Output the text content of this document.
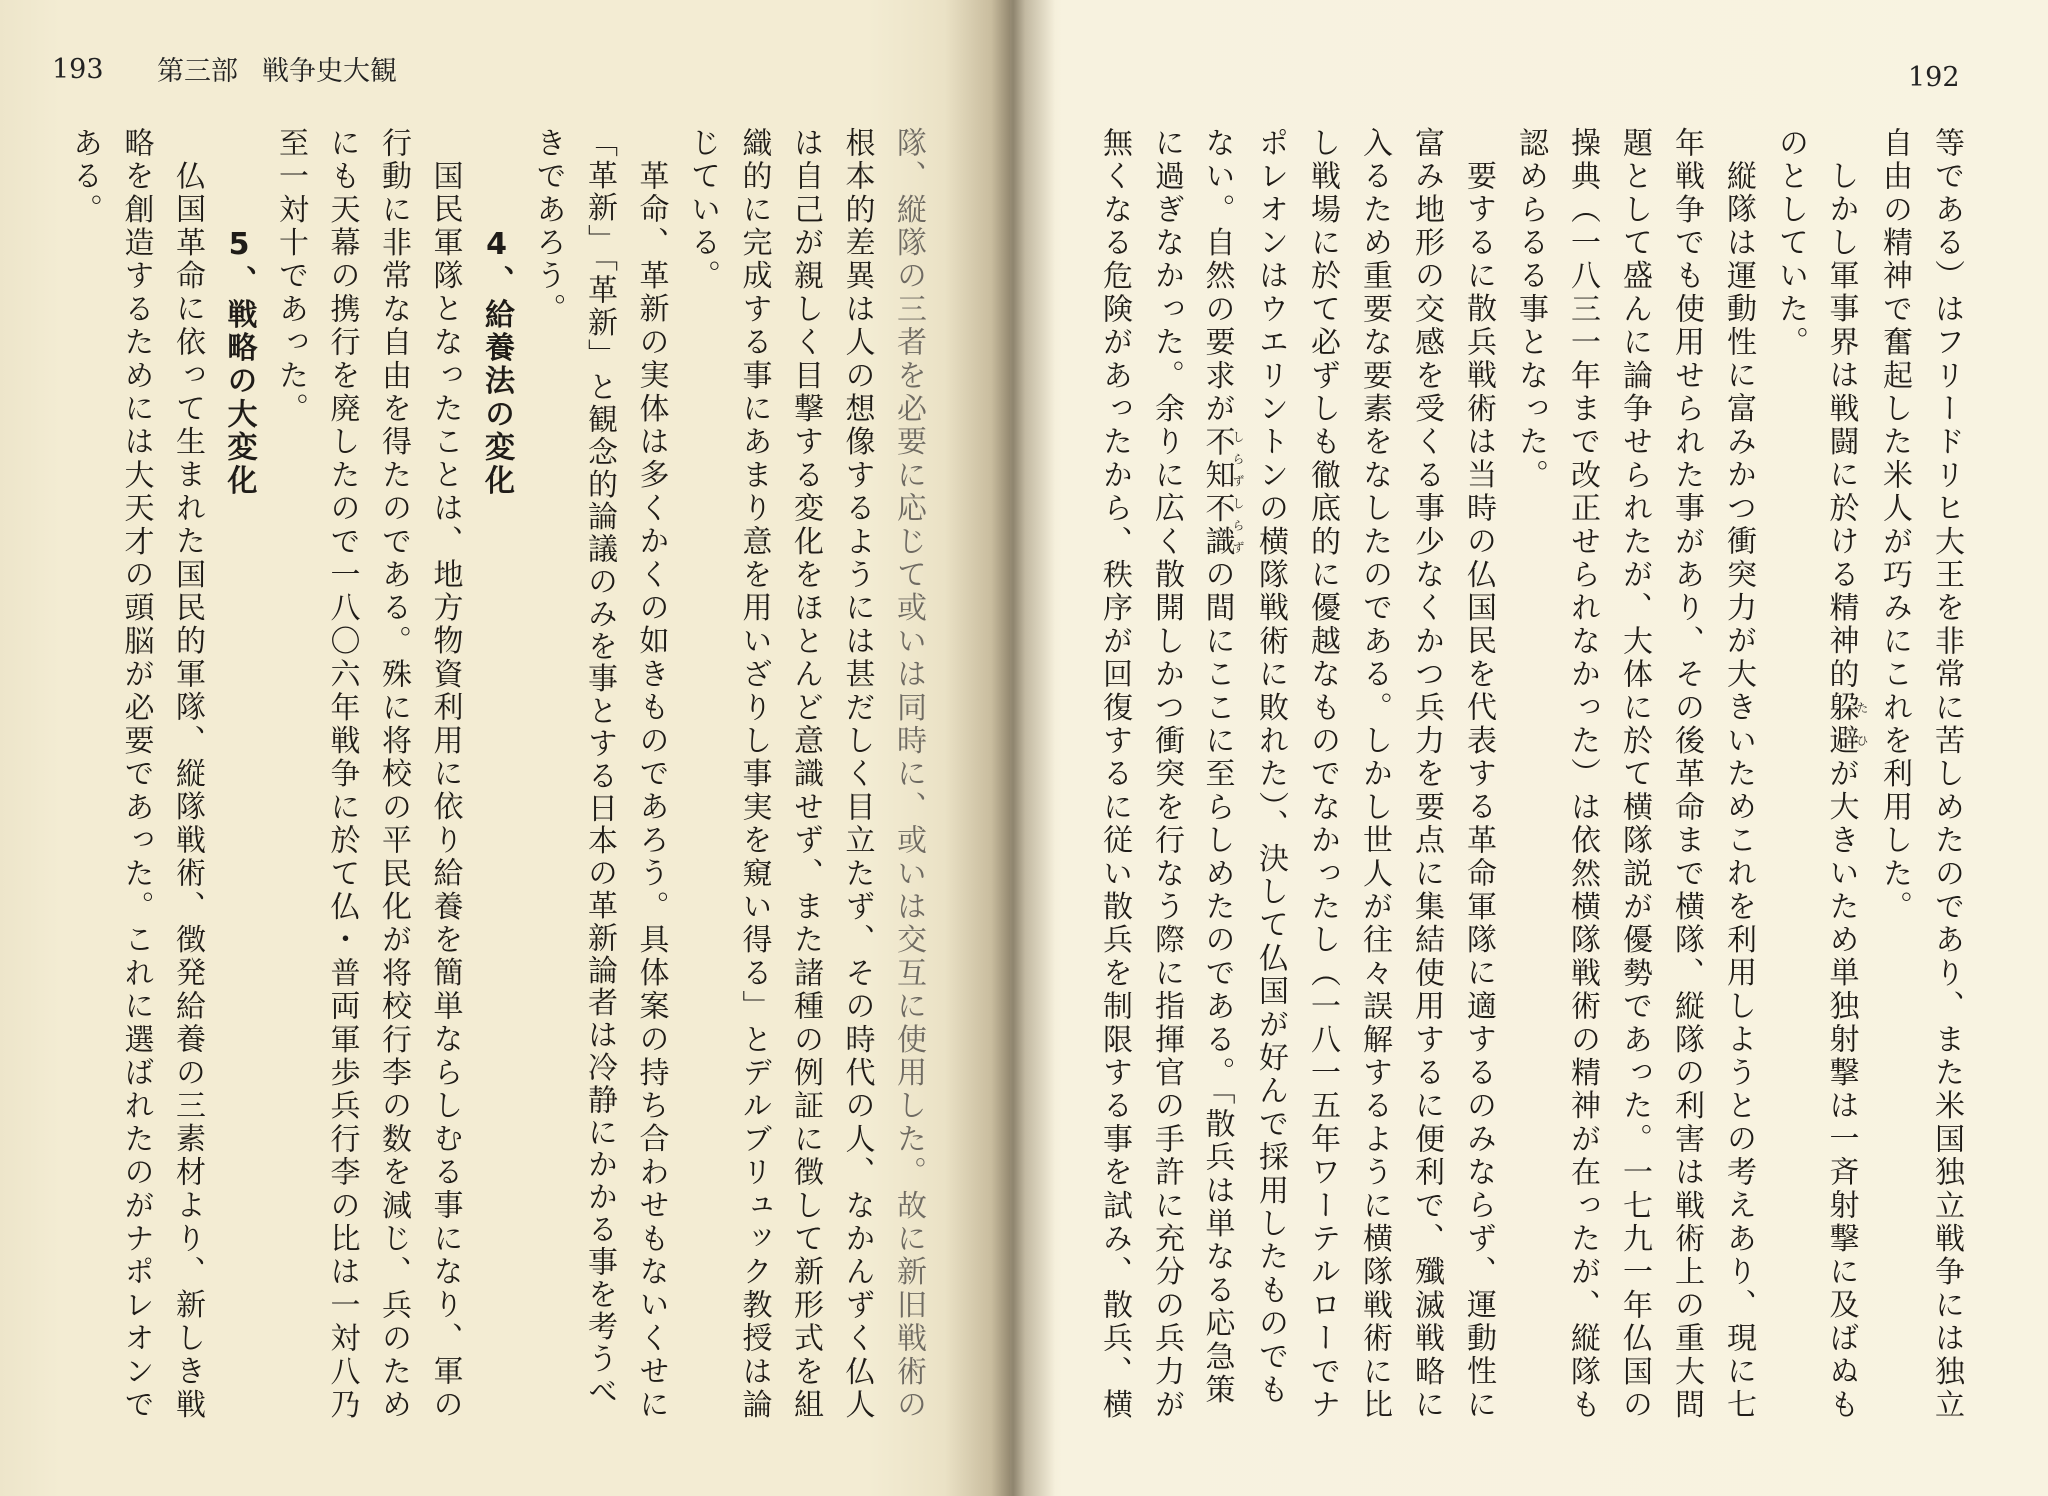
193 第三部 戦争史大観	192
等である）はフリードリヒ大王を非常に苦しめたのであり、また米国独立戦争には独立
自由の精神で奮起した米人が巧みにこれを利用した。
しかし軍事界は戦闘に於ける精神的躱避たひが大きいため単独射撃は一斉射撃に及ばぬも
のとしていた。
縦隊は運動性に富みかつ衝突力が大きいためこれを利用しようとの考えあり、現に七
年戦争でも使用せられた事があり、その後革命まで横隊、縦隊の利害は戦術上の重大問
題として盛んに論争せられたが、大体に於て横隊説が優勢であった。一七九一年仏国の
操典（一八三一年まで改正せられなかった）は依然横隊戦術の精神が在ったが、縦隊も
認めらるる事となった。
要するに散兵戦術は当時の仏国民を代表する革命軍隊に適するのみならず、運動性に
富み地形の交感を受くる事少なくかつ兵力を要点に集結使用するに便利で、殲滅戦略に
入るため重要な要素をなしたのである。しかし世人が往々誤解するように横隊戦術に比
し戦場に於て必ずしも徹底的に優越なものでなかったし（一八一五年ワーテルローでナ
ポレオンはウエリントンの横隊戦術に敗れた）、決して仏国が好んで採用したものでも
ない。自然の要求が不知不識しらずしらずの間にここに至らしめたのである。「散兵は単なる応急策
に過ぎなかった。余りに広く散開しかつ衝突を行なう際に指揮官の手許に充分の兵力が
無くなる危険があったから、秩序が回復するに従い散兵を制限する事を試み、散兵、横
隊、縦隊の三者を必要に応じて或いは同時に、或いは交互に使用した。故に新旧戦術の
根本的差異は人の想像するようには甚だしく目立たず、その時代の人、なかんずく仏人
は自己が親しく目撃する変化をほとんど意識せず、また諸種の例証に徴して新形式を組
織的に完成する事にあまり意を用いざりし事実を窺い得る」とデルブリュック教授は論
じている。
革命、革新の実体は多くかくの如きものであろう。具体案の持ち合わせもないくせに
「革新」「革新」と観念的論議のみを事とする日本の革新論者は冷静にかかる事を考うべ
きであろう。
4、給養法の変化
国民軍隊となったことは、地方物資利用に依り給養を簡単ならしむる事になり、軍の
行動に非常な自由を得たのである。殊に将校の平民化が将校行李の数を減じ、兵のため
にも天幕の携行を廃したので一八〇六年戦争に於て仏・普両軍歩兵行李の比は一対八乃
至一対十であった。
5、戦略の大変化
仏国革命に依って生まれた国民的軍隊、縦隊戦術、徴発給養の三素材より、新しき戦
略を創造するためには大天才の頭脳が必要であった。これに選ばれたのがナポレオンで
ある。
